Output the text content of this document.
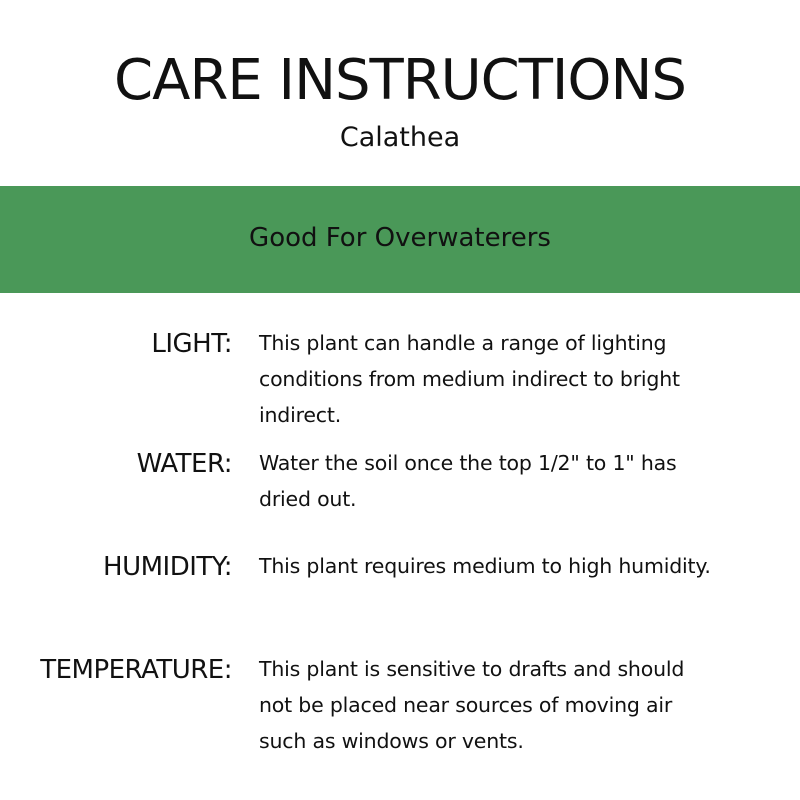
CARE INSTRUCTIONS
Calathea
Good For Overwaterers
LIGHT: This plant can handle a range of lighting
conditions from medium indirect to bright
indirect.
WATER: Water the soil once the top 1/2" to 1" has
dried out.
HUMIDITY: This plant requires medium to high humidity.
TEMPERATURE: This plant is sensitive to drafts and should
not be placed near sources of moving air
such as windows or vents.
